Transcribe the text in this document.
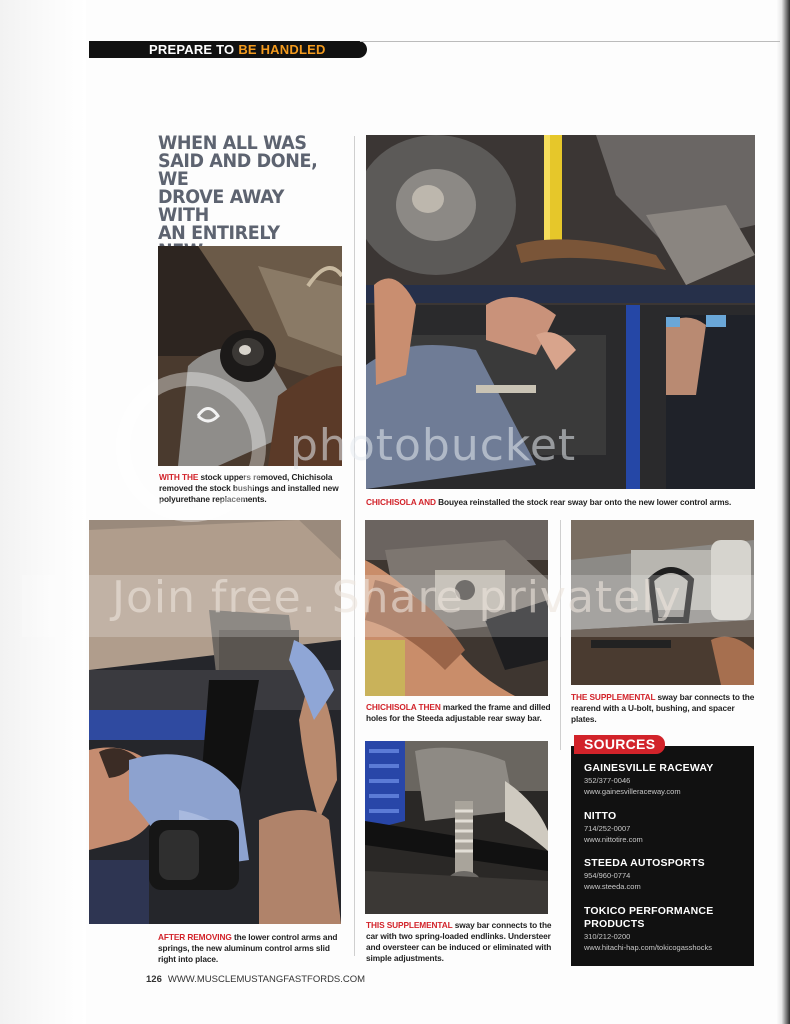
PREPARE TO BE HANDLED
WHEN ALL WAS
SAID AND DONE, WE
DROVE AWAY WITH
AN ENTIRELY
WITH THE stock uppers removed, Chichisola removed the stock bushings and installed new polyurethane replacements.	CHICHISOLA AND Bouyea reinstalled the stock rear sway bar onto the new lower control arms.
AFTER REMOVING the lower control arms and springs, the new aluminum control arms slid right into place.
CHICHISOLA THEN marked the frame and dilled holes for the Steeda adjustable rear sway bar.
THE SUPPLEMENTAL sway bar connects to the rearend with a U-bolt, bushing, and spacer plates.
THIS SUPPLEMENTAL sway bar connects to the car with two spring-loaded endlinks. Understeer and oversteer can be induced or eliminated with simple adjustments.
SOURCES
GAINESVILLE RACEWAY
352/377-0046
www.gainesvilleraceway.com
NITTO
714/252-0007
www.nittotire.com
STEEDA AUTOSPORTS
954/960-0774
www.steeda.com
TOKICO PERFORMANCE PRODUCTS
310/212-0200
www.hitachi-hap.com/tokicogasshocks
126 WWW.MUSCLEMUSTANGFASTFORDS.COM
photobucket
Join free. Share privately
